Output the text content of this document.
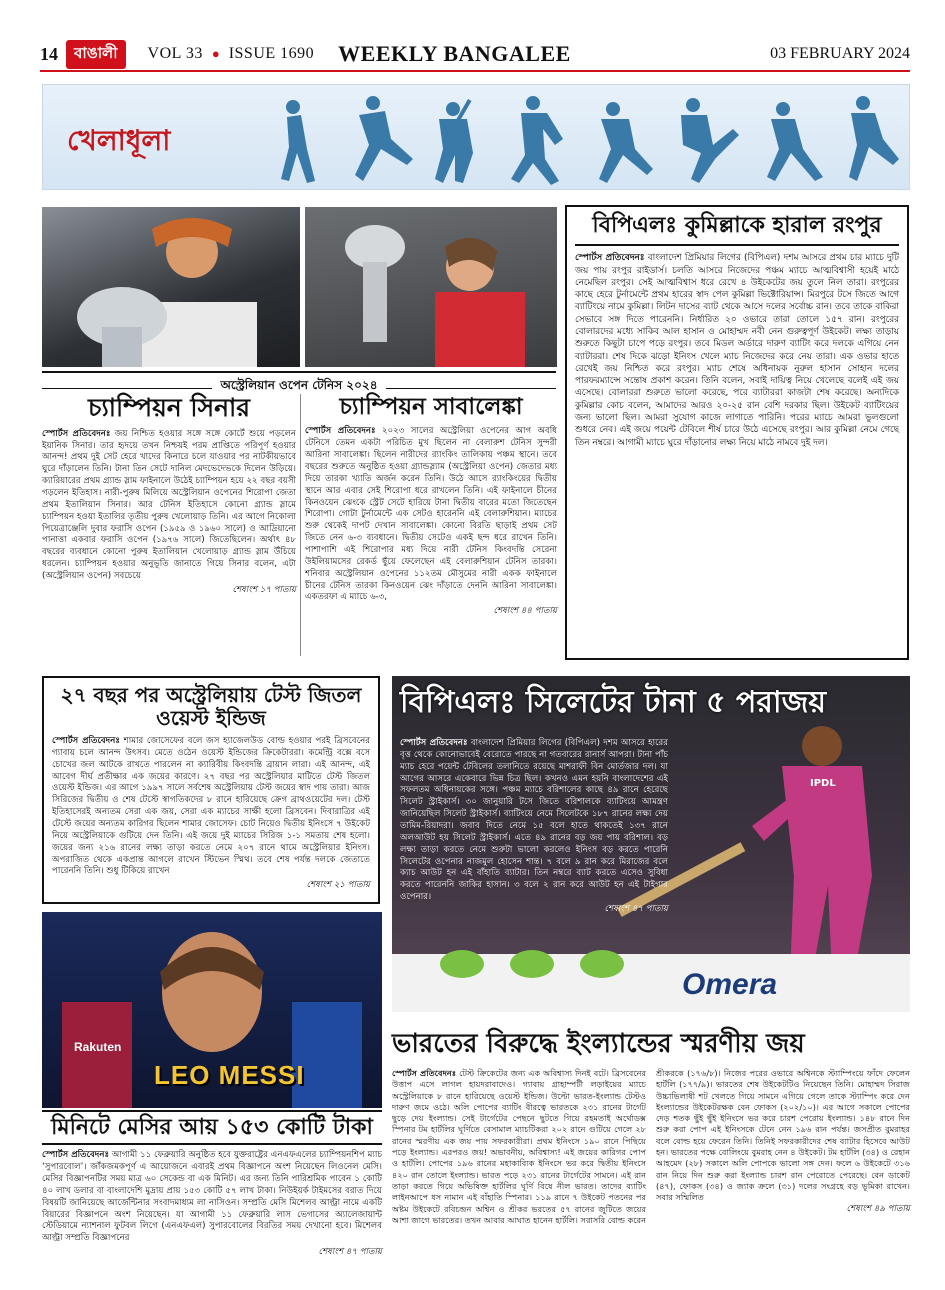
14	বাঙালী	VOL 33 ● ISSUE 1690 WEEKLY BANGALEE	03 FEBRUARY 2024
খেলাধূলা
অস্ট্রেলিয়ান ওপেন টেনিস ২০২৪
চ্যাম্পিয়ন সিনার
স্পোর্টস প্রতিবেদনঃ জয় নিশ্চিত হওয়ার সঙ্গে সঙ্গে কোর্টে শুয়ে পড়লেন ইয়ানিক সিনার। তার হৃদয়ে তখন নিশ্চয়ই পরম প্রাপ্তিতে পরিপূর্ণ হওয়ার আনন্দ! প্রথম দুই সেট হেরে খাদের কিনারে চলে যাওয়ার পর নাটকীয়ভাবে ঘুরে দাঁড়ালেন তিনি। টানা তিন সেটে দানিল মেদভেদেভকে দিলেন উড়িয়ে। ক্যারিয়ারের প্রথম গ্র্যান্ড স্লাম ফাইনালে উঠেই চ্যাম্পিয়ন হয়ে ২২ বছর বয়সী গড়লেন ইতিহাস। নারী-পুরুষ মিলিয়ে অস্ট্রেলিয়ান ওপেনের শিরোপা জেতা প্রথম ইতালিয়ান সিনার। আর টেনিস ইতিহাসে কোনো গ্র্যান্ড স্লামে চ্যাম্পিয়ন হওয়া ইতালির তৃতীয় পুরুষ খেলোয়াড় তিনি। এর আগে নিকোলা পিয়েত্রাঞ্জেলি দুবার ফরাসি ওপেন (১৯৫৯ ও ১৯৬০ সালে) ও আদ্রিয়ানো পানাত্তা একবার ফরাসি ওপেন (১৯৭৬ সালে) জিতেছিলেন। অর্থাৎ ৪৮ বছরের ব্যবধানে কোনো পুরুষ ইতালিয়ান খেলোয়াড় গ্র্যান্ড স্লাম উঁচিয়ে ধরলেন। চ্যাম্পিয়ন হওয়ার অনুভূতি জানাতে গিয়ে সিনার বলেন, এটা (অস্ট্রেলিয়ান ওপেন) সবচেয়ে
শেষাংশ ১৭ পাতায়
চ্যাম্পিয়ন সাবালেঙ্কা
স্পোর্টস প্রতিবেদনঃ ২০২৩ সালের অস্ট্রেলিয়া ওপেনের আগ অবধি টেনিসে তেমন একটা পরিচিত মুখ ছিলেন না বেলারুশ টেনিস সুন্দরী আরিনা সাবালেঙ্কা। ছিলেন নারীদের র‍্যাংকিং তালিকায় পঞ্চম স্থানে। তবে বছরের শুরুতে অনুষ্ঠিত হওয়া গ্র্যান্ডস্ল্যাম (অস্ট্রেলিয়া ওপেন) জেতার মধ্য দিয়ে তারকা খ্যাতি অর্জন করেন তিনি। উঠে আসে র‍্যাংকিংয়ের দ্বিতীয় স্থানে আর এবার সেই শিরোপা ধরে রাখলেন তিনি। এই ফাইনালে চীনের কিনওয়েন ঝেংকে স্ট্রেট সেটে হারিয়ে টানা দ্বিতীয় বারের মতো জিতেছেন শিরোপা। গোটা টুর্নামেন্টে এক সেটও হারেননি এই বেলারুশিয়ান। ম্যাচের শুরু থেকেই দাপট দেখান সাবালেঙ্কা। কোনো বিরতি ছাড়াই প্রথম সেট জিতে নেন ৬-৩ ব্যবধানে। দ্বিতীয় সেটেও একই ছন্দ ধরে রাখেন তিনি। পাশাপাশি এই শিরোপার মধ্য দিয়ে নারী টেনিস কিংবদন্তি সেরেনা উইলিয়ামসের রেকর্ড ছুঁয়ে ফেলেছেন এই বেলারুশিয়ান টেনিস তারকা। শনিবার অস্ট্রেলিয়ান ওপেনের ১১২তম মৌসুমের নারী একক ফাইনালে চীনের টেনিস তারকা কিনওয়েন ঝেং দাঁড়াতে দেননি আরিনা সাবালেঙ্কা। একতরফা এ ম্যাচে ৬-৩,
শেষাংশ ৪৪ পাতায়
বিপিএলঃ কুমিল্লাকে হারাল রংপুর
স্পোর্টস প্রতিবেদনঃ বাংলাদেশ প্রিমিয়ার লিগের (বিপিএল) দশম আসরে প্রথম চার ম্যাচে দুটি জয় পায় রংপুর রাইডার্স। চলতি আসরে নিজেদের পঞ্চম ম্যাচে আত্মবিশ্বাসী হয়েই মাঠে নেমেছিল রংপুর। সেই আত্মবিশ্বাস ধরে রেখে ৪ উইকেটের জয় তুলে নিল তারা। রংপুরের কাছে হেরে টুর্নামেন্টে প্রথম হারের স্বাদ পেল কুমিল্লা ভিক্টোরিয়ান্স। মিরপুরে টসে জিতে আগে ব্যাটিংয়ে নামে কুমিল্লা। লিটন দাসের ব্যাট থেকে আসে দলের সর্বোচ্চ রান। তবে তাকে বাকিরা সেভাবে সঙ্গ দিতে পারেননি। নির্ধারিত ২০ ওভারে তারা তোলে ১৫৭ রান। রংপুরের বোলারদের মধ্যে সাকিব আল হাসান ও মোহাম্মদ নবী নেন গুরুত্বপূর্ণ উইকেট। লক্ষ্য তাড়ায় শুরুতে কিছুটা চাপে পড়ে রংপুর। তবে মিডল অর্ডারে দারুণ ব্যাটিং করে দলকে এগিয়ে নেন ব্যাটাররা। শেষ দিকে ঝড়ো ইনিংস খেলে ম্যাচ নিজেদের করে নেয় তারা। এক ওভার হাতে রেখেই জয় নিশ্চিত করে রংপুর। ম্যাচ শেষে অধিনায়ক নুরুল হাসান সোহান দলের পারফরম্যান্সে সন্তোষ প্রকাশ করেন। তিনি বলেন, সবাই দায়িত্ব নিয়ে খেলেছে বলেই এই জয় এসেছে। বোলাররা শুরুতে ভালো করেছে, পরে ব্যাটাররা কাজটা শেষ করেছে। অন্যদিকে কুমিল্লার কোচ বলেন, আমাদের আরও ২০-২৫ রান বেশি দরকার ছিল। উইকেট ব্যাটিংয়ের জন্য ভালো ছিল। আমরা সুযোগ কাজে লাগাতে পারিনি। পরের ম্যাচে আমরা ভুলগুলো শুধরে নেব। এই জয়ে পয়েন্ট টেবিলে শীর্ষ চারে উঠে এসেছে রংপুর। আর কুমিল্লা নেমে গেছে তিন নম্বরে। আগামী ম্যাচে ঘুরে দাঁড়ানোর লক্ষ্য নিয়ে মাঠে নামবে দুই দল।
২৭ বছর পর অস্ট্রেলিয়ায় টেস্ট জিতল ওয়েস্ট ইন্ডিজ
স্পোর্টস প্রতিবেদনঃ শামার জোসেফের বলে জস হ্যাজেলউড বোল্ড হওয়ার পরই ব্রিসবেনের গ্যাবায় চলে আনন্দ উৎসব। মেতে ওঠেন ওয়েস্ট ইন্ডিজের ক্রিকেটাররা। কমেন্ট্রি বক্সে বসে চোখের জল আটকে রাখতে পারলেন না ক্যারিবীয় কিংবদন্তি ব্রায়ান লারা। এই আনন্দ, এই আবেগ দীর্ঘ প্রতীক্ষার এক জয়ের কারণে। ২৭ বছর পর অস্ট্রেলিয়ার মাটিতে টেস্ট জিতল ওয়েস্ট ইন্ডিজ। এর আগে ১৯৯৭ সালে সর্বশেষ অস্ট্রেলিয়ায় টেস্ট জয়ের স্বাদ পায় তারা। আজ সিরিজের দ্বিতীয় ও শেষ টেস্টে স্বাগতিকদের ৮ রানে হারিয়েছে ক্রেগ ব্রাথওয়েটের দল। টেস্ট ইতিহাসেরই অন্যতম সেরা এক জয়, সেরা এক ম্যাচের সাক্ষী হলো ব্রিসবেন। দিবারাত্রির এই টেস্টে জয়ের অন্যতম কারিগর ছিলেন শামার জোসেফ। চোট নিয়েও দ্বিতীয় ইনিংসে ৭ উইকেট নিয়ে অস্ট্রেলিয়াকে গুটিয়ে দেন তিনি। এই জয়ে দুই ম্যাচের সিরিজ ১-১ সমতায় শেষ হলো। জয়ের জন্য ২১৬ রানের লক্ষ্য তাড়া করতে নেমে ২০৭ রানে থামে অস্ট্রেলিয়ার ইনিংস। অপরাজিত থেকে একপ্রান্ত আগলে রাখেন স্টিভেন স্মিথ। তবে শেষ পর্যন্ত দলকে জেতাতে পারেননি তিনি। শুধু টিকিয়ে রাখেন
শেষাংশ ২১ পাতায়
বিপিএলঃ সিলেটের টানা ৫ পরাজয়
স্পোর্টস প্রতিবেদনঃ বাংলাদেশ প্রিমিয়ার লিগের (বিপিএল) দশম আসরে হারের বৃত্ত থেকে কোনোভাবেই বেরোতে পারছে না গতবারের রানার্স আপরা। টানা পাঁচ ম্যাচ হেরে পয়েন্ট টেবিলের তলানিতে রয়েছে মাশরাফী বিন মোর্তজার দল। যা আগের আসরে একেবারে ভিন্ন চিত্র ছিল। কখনও এমন হয়নি বাংলাদেশের এই সফলতম অধিনায়কের সঙ্গে। পঞ্চম ম্যাচে বরিশালের কাছে ৪৯ রানে হেরেছে সিলেট স্ট্রাইকার্স। ৩০ জানুয়ারি টসে জিতে বরিশালকে ব্যাটিংয়ে আমন্ত্রণ জানিয়েছিল সিলেট স্ট্রাইকার্স। ব্যাটিংয়ে নেমে সিলেটকে ১৮৭ রানের লক্ষ্য দেয় তামিম-রিয়াদরা। জবাব দিতে নেমে ১৫ বলে হাতে থাকতেই ১৩৭ রানে অলআউট হয় সিলেট স্ট্রাইকার্স। এতে ৪৯ রানের বড় জয় পায় বরিশাল। বড় লক্ষ্য তাড়া করতে নেমে শুরুটা ভালো করলেও ইনিংস বড় করতে পারেনি সিলেটের ওপেনার নাজমুল হোসেন শান্ত। ৭ বলে ৯ রান করে মিরাজের বলে ক্যাচ আউট হন এই বাঁহাতি ব্যাটার। তিন নম্বরে ব্যাট করতে এসেও সুবিধা করতে পারেননি জাকির হাসান। ৩ বলে ২ রান করে আউট হন এই টাইগার ওপেনার।
শেষাংশ ৪৭ পাতায়
IPDL
Omera
Rakuten
LEO MESSI
মিনিটে মেসির আয় ১৫৩ কোটি টাকা
স্পোর্টস প্রতিবেদনঃ আগামী ১১ ফেব্রুয়ারি অনুষ্ঠিত হবে যুক্তরাষ্ট্রের এনএফএলের চ্যাম্পিয়নশিপ ম্যাচ ‘সুপারবোল’। জাঁকজমকপূর্ণ এ আয়োজনে এবারই প্রথম বিজ্ঞাপনে অংশ নিয়েছেন লিওনেল মেসি। মেসির বিজ্ঞাপনটির সময় মাত্র ৬০ সেকেন্ড বা এক মিনিট। এর জন্য তিনি পারিশ্রমিক পাবেন ১ কোটি ৪০ লাখ ডলার বা বাংলাদেশি মুদ্রায় প্রায় ১৫৩ কোটি ৫৭ লাখ টাকা। নিউইয়র্ক টাইমসের বরাত দিয়ে বিষয়টি জানিয়েছে আর্জেন্টিনার সংবাদমাধ্যম লা নাসিওন। সম্প্রতি মেসি মিশেলব আল্ট্রা নামে একটি বিয়ারের বিজ্ঞাপনে অংশ নিয়েছেন। যা আগামী ১১ ফেব্রুয়ারি লাস ভেগাসের অ্যালেজায়ান্ট স্টেডিয়ামে ন্যাশনাল ফুটবল লিগে (এনএফএল) সুপারবোলের বিরতির সময় দেখানো হবে। মিশেলব আল্ট্রা সম্প্রতি বিজ্ঞাপনের
শেষাংশ ৪৭ পাতায়
ভারতের বিরুদ্ধে ইংল্যান্ডের স্মরণীয় জয়
স্পোর্টস প্রতিবেদনঃ টেস্ট ক্রিকেটের জন্য এক অবিশ্বাস্য দিনই বটে। ব্রিসবেনের উত্তাপ এসে লাগল হায়দরাবাদেও। গ্যাবায় গ্রাহাম্পটী লড়াইয়ের ম্যাচে অস্ট্রেলিয়াকে ৮ রানে হারিয়েছে ওয়েস্ট ইন্ডিজ। উল্টো ভারত-ইংল্যান্ড টেস্টও দারুণ জমে ওঠে। অলি পোপের ব্যাটিং বীরত্বে ভারতকে ২৩১ রানের টার্গেট ছুড়ে দেয় ইংল্যান্ড। সেই টার্গেটের পেছনে ছুটতে গিয়ে রহমতাই অর্থোডক্স স্পিনার টম হার্টলির ঘূর্ণিতে বেসামাল ম্যাচটিকরা ২০২ রানে গুটিয়ে গেলে ২৮ রানের স্মরণীয় এক জয় পায় সফরকারীরা। প্রথম ইনিংসে ১৯০ রানে পিছিয়ে পড়ে ইংল্যান্ড। এরপরও জয়! অভাবনীয়, অবিশ্বাস্য! এই জয়ের কারিগর পোপ ও হার্টলি। পোপের ১৯৬ রানের মহাকাব্যিক ইনিংসে ভর করে দ্বিতীয় ইনিংসে ৪২০ রান তোলে ইংল্যান্ড। ভারত পড়ে ২৩১ রানের টার্গেটের সামনে। এই রান তাড়া করতে গিয়ে অভিষিক্ত হার্টলির ঘূর্ণি বিষে নীল ভারত। তাদের ব্যাটিং লাইনআপে ধস নামান এই বাঁহাতি স্পিনার। ১১৯ রানে ৭ উইকেট পতনের পর অষ্টম উইকেটে রবিচন্দ্রন অশ্বিন ও শ্রীকর ভরতের ৫৭ রানের জুটিতে জয়ের আশা জাগে ভারতের। তখন আবার আঘাত হানেন হার্টলি। সরাসরি বোল্ড করেন শ্রীকরকে (১৭৬/৮)। নিজের পরের ওভারে অশ্বিনকে স্ট্যাম্পিংয়ে ফাঁদে ফেলেন হার্টলি (১৭৭/৯)। ভারতের শেষ উইকেটটিও নিয়েছেন তিনি। মোহাম্মদ সিরাজ উচ্চাভিলাষী শট খেলতে গিয়ে সামনে এগিয়ে গেলে তাকে স্ট্যাম্পিং করে দেন ইংল্যান্ডের উইকেটরক্ষক বেন ফোকস (২০২/১০)। এর আগে সকালে পোপের দেড় শতক ছুঁই ছুঁই ইনিংসে ভর করে চারশ পেরোয় ইংল্যান্ড। ১৪৮ রানে দিন শুরু করা পোপ এই ইনিংসকে টেনে নেন ১৯৬ রান পর্যন্ত। জসপ্রীত বুমরাহর বলে বোল্ড হয়ে ফেরেন তিনি। তিনিই সফরকারীদের শেষ ব্যাটার হিসেবে আউট হন। ভারতের পক্ষে বোলিংয়ে বুমরাহ নেন ৪ উইকেট। টম হার্টলি (৩৪) ও রেহান আহমেদ (২৮) সকালে অলি পোপকে ভালো সঙ্গ দেন। ফলে ৬ উইকেটে ৩১৬ রান নিয়ে দিন শুরু করা ইংল্যান্ড চারশ রান পেরোতে পেরেছে। বেন ডাকেট (৪৭), ফোকস (৩৪) ও জ্যাক ক্রলে (৩১) দলের সংগ্রহে বড় ভূমিকা রাখেন। সবার সম্মিলিত
শেষাংশ ৪৯ পাতায়
